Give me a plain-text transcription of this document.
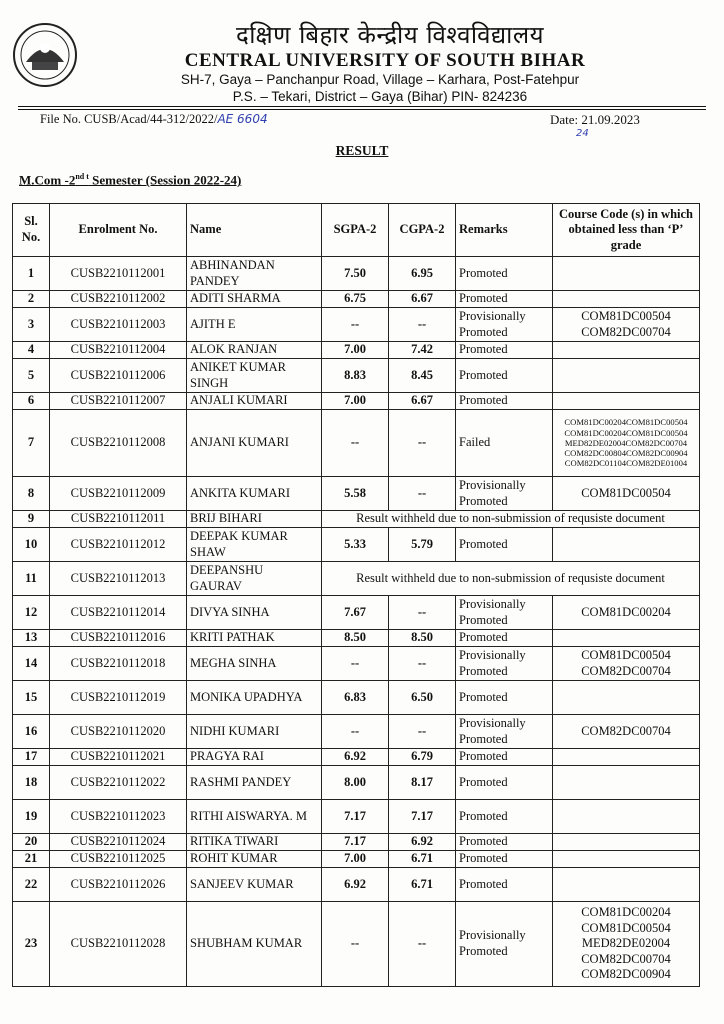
दक्षिण बिहार केन्द्रीय विश्वविद्यालय
CENTRAL UNIVERSITY OF SOUTH BIHAR
SH-7, Gaya – Panchanpur Road, Village – Karhara, Post-Fatehpur
P.S. – Tekari, District – Gaya (Bihar) PIN- 824236
File No. CUSB/Acad/44-312/2022/AE 6604	Date: 21.09.2023
24
RESULT
M.Com $-2^{nd t}$ Semester (Session 2022-24)
Sl. No.	Enrolment No.	Name	SGPA-2	CGPA-2	Remarks	Course Code (s) in which obtained less than ‘P’ grade
1	CUSB2210112001	ABHINANDAN PANDEY	7.50	6.95	Promoted	
2	CUSB2210112002	ADITI SHARMA	6.75	6.67	Promoted	
3	CUSB2210112003	AJITH E	--	--	Provisionally Promoted	COM81DC00504
COM82DC00704
4	CUSB2210112004	ALOK RANJAN	7.00	7.42	Promoted	
5	CUSB2210112006	ANIKET KUMAR SINGH	8.83	8.45	Promoted	
6	CUSB2210112007	ANJALI KUMARI	7.00	6.67	Promoted	
7	CUSB2210112008	ANJANI KUMARI	--	--	Failed	COM81DC00204COM81DC00504
COM81DC00204COM81DC00504
MED82DE02004COM82DC00704
COM82DC00804COM82DC00904
COM82DC01104COM82DE01004
8	CUSB2210112009	ANKITA KUMARI	5.58	--	Provisionally Promoted	COM81DC00504
9	CUSB2210112011	BRIJ BIHARI	Result withheld due to non-submission of requsiste document			
10	CUSB2210112012	DEEPAK KUMAR SHAW	5.33	5.79	Promoted	
11	CUSB2210112013	DEEPANSHU GAURAV	Result withheld due to non-submission of requsiste document			
12	CUSB2210112014	DIVYA SINHA	7.67	--	Provisionally Promoted	COM81DC00204
13	CUSB2210112016	KRITI PATHAK	8.50	8.50	Promoted	
14	CUSB2210112018	MEGHA SINHA	--	--	Provisionally Promoted	COM81DC00504
COM82DC00704
15	CUSB2210112019	MONIKA UPADHYA	6.83	6.50	Promoted	
16	CUSB2210112020	NIDHI KUMARI	--	--	Provisionally Promoted	COM82DC00704
17	CUSB2210112021	PRAGYA RAI	6.92	6.79	Promoted	
18	CUSB2210112022	RASHMI PANDEY	8.00	8.17	Promoted	
19	CUSB2210112023	RITHI AISWARYA. M	7.17	7.17	Promoted	
20	CUSB2210112024	RITIKA TIWARI	7.17	6.92	Promoted	
21	CUSB2210112025	ROHIT KUMAR	7.00	6.71	Promoted	
22	CUSB2210112026	SANJEEV KUMAR	6.92	6.71	Promoted	
23	CUSB2210112028	SHUBHAM KUMAR	--	--	Provisionally Promoted	COM81DC00204
COM81DC00504
MED82DE02004
COM82DC00704
COM82DC00904
